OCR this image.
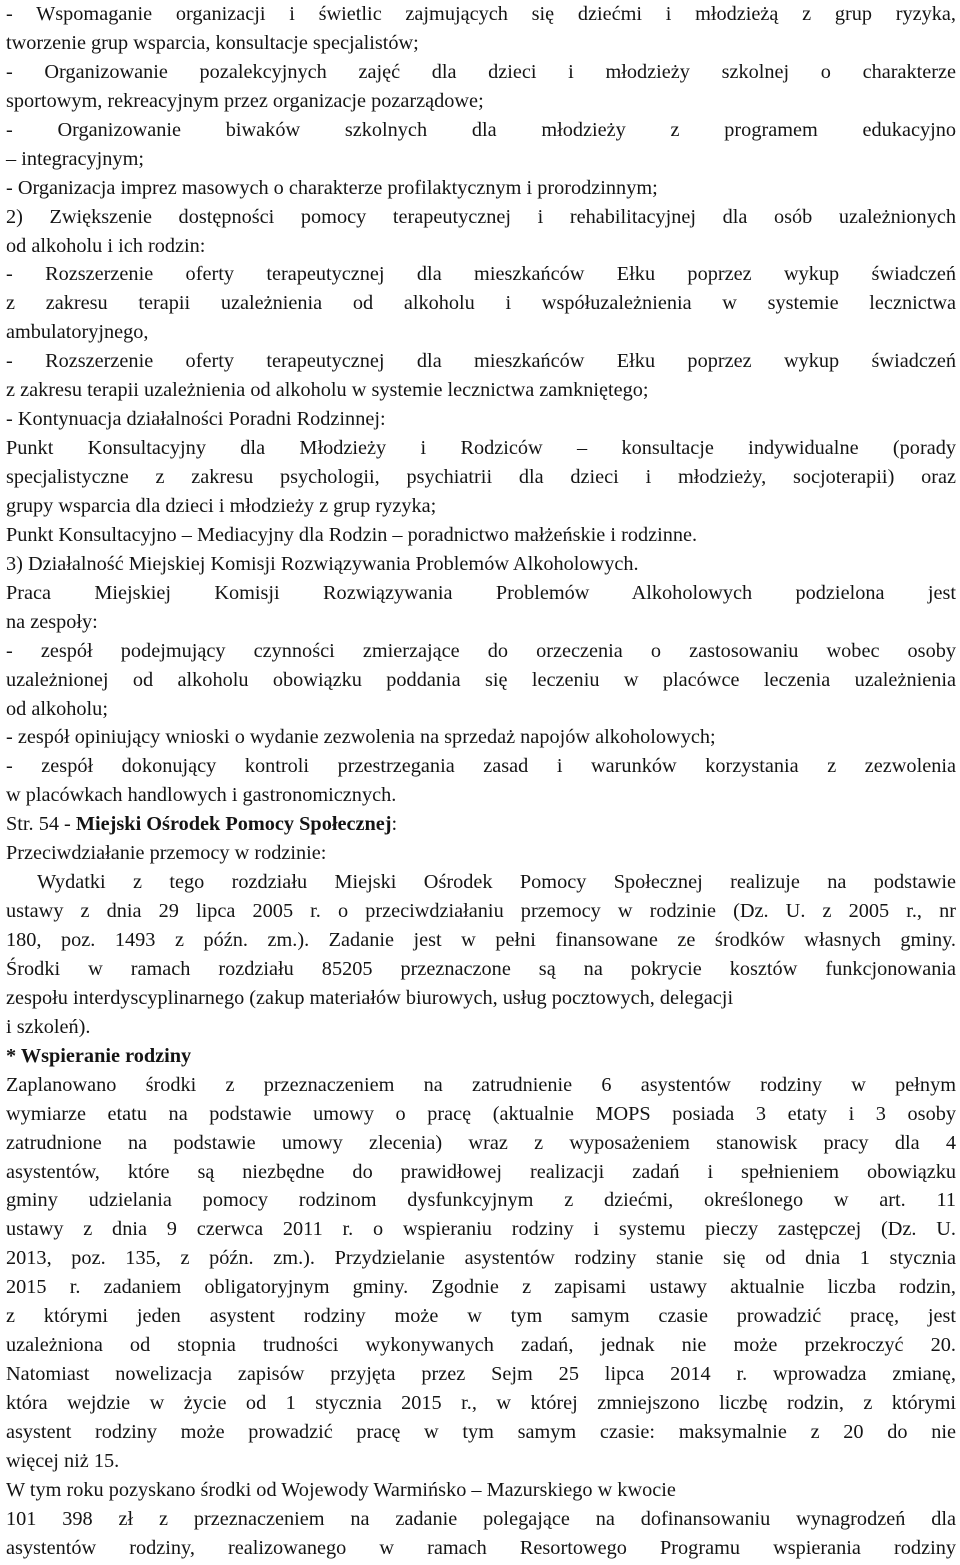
- Wspomaganie organizacji i świetlic zajmujących się dziećmi i młodzieżą z grup ryzyka,
tworzenie grup wsparcia, konsultacje specjalistów;
- Organizowanie pozalekcyjnych zajęć dla dzieci i młodzieży szkolnej o charakterze
sportowym, rekreacyjnym przez organizacje pozarządowe;
- Organizowanie biwaków szkolnych dla młodzieży z programem edukacyjno
– integracyjnym;
- Organizacja imprez masowych o charakterze profilaktycznym i prorodzinnym;
2) Zwiększenie dostępności pomocy terapeutycznej i rehabilitacyjnej dla osób uzależnionych
od alkoholu i ich rodzin:
- Rozszerzenie oferty terapeutycznej dla mieszkańców Ełku poprzez wykup świadczeń
z zakresu terapii uzależnienia od alkoholu i współuzależnienia w systemie lecznictwa
ambulatoryjnego,
- Rozszerzenie oferty terapeutycznej dla mieszkańców Ełku poprzez wykup świadczeń
z zakresu terapii uzależnienia od alkoholu w systemie lecznictwa zamkniętego;
- Kontynuacja działalności Poradni Rodzinnej:
Punkt Konsultacyjny dla Młodzieży i Rodziców – konsultacje indywidualne (porady
specjalistyczne z zakresu psychologii, psychiatrii dla dzieci i młodzieży, socjoterapii) oraz
grupy wsparcia dla dzieci i młodzieży z grup ryzyka;
Punkt Konsultacyjno – Mediacyjny dla Rodzin – poradnictwo małżeńskie i rodzinne.
3) Działalność Miejskiej Komisji Rozwiązywania Problemów Alkoholowych.
Praca Miejskiej Komisji Rozwiązywania Problemów Alkoholowych podzielona jest
na zespoły:
- zespół podejmujący czynności zmierzające do orzeczenia o zastosowaniu wobec osoby
uzależnionej od alkoholu obowiązku poddania się leczeniu w placówce leczenia uzależnienia
od alkoholu;
- zespół opiniujący wnioski o wydanie zezwolenia na sprzedaż napojów alkoholowych;
- zespół dokonujący kontroli przestrzegania zasad i warunków korzystania z zezwolenia
w placówkach handlowych i gastronomicznych.
Str. 54 - Miejski Ośrodek Pomocy Społecznej:
Przeciwdziałanie przemocy w rodzinie:
Wydatki z tego rozdziału Miejski Ośrodek Pomocy Społecznej realizuje na podstawie
ustawy z dnia 29 lipca 2005 r. o przeciwdziałaniu przemocy w rodzinie (Dz. U. z 2005 r., nr
180, poz. 1493 z późn. zm.). Zadanie jest w pełni finansowane ze środków własnych gminy.
Środki w ramach rozdziału 85205 przeznaczone są na pokrycie kosztów funkcjonowania
zespołu interdyscyplinarnego (zakup materiałów biurowych, usług pocztowych, delegacji
i szkoleń).
* Wspieranie rodziny
Zaplanowano środki z przeznaczeniem na zatrudnienie 6 asystentów rodziny w pełnym
wymiarze etatu na podstawie umowy o pracę (aktualnie MOPS posiada 3 etaty i 3 osoby
zatrudnione na podstawie umowy zlecenia) wraz z wyposażeniem stanowisk pracy dla 4
asystentów, które są niezbędne do prawidłowej realizacji zadań i spełnieniem obowiązku
gminy udzielania pomocy rodzinom dysfunkcyjnym z dziećmi, określonego w art. 11
ustawy z dnia 9 czerwca 2011 r. o wspieraniu rodziny i systemu pieczy zastępczej (Dz. U.
2013, poz. 135, z późn. zm.). Przydzielanie asystentów rodziny stanie się od dnia 1 stycznia
2015 r. zadaniem obligatoryjnym gminy. Zgodnie z zapisami ustawy aktualnie liczba rodzin,
z którymi jeden asystent rodziny może w tym samym czasie prowadzić pracę, jest
uzależniona od stopnia trudności wykonywanych zadań, jednak nie może przekroczyć 20.
Natomiast nowelizacja zapisów przyjęta przez Sejm 25 lipca 2014 r. wprowadza zmianę,
która wejdzie w życie od 1 stycznia 2015 r., w której zmniejszono liczbę rodzin, z którymi
asystent rodziny może prowadzić pracę w tym samym czasie: maksymalnie z 20 do nie
więcej niż 15.
W tym roku pozyskano środki od Wojewody Warmińsko – Mazurskiego w kwocie
101 398 zł z przeznaczeniem na zadanie polegające na dofinansowaniu wynagrodzeń dla
asystentów rodziny, realizowanego w ramach Resortowego Programu wspierania rodziny
